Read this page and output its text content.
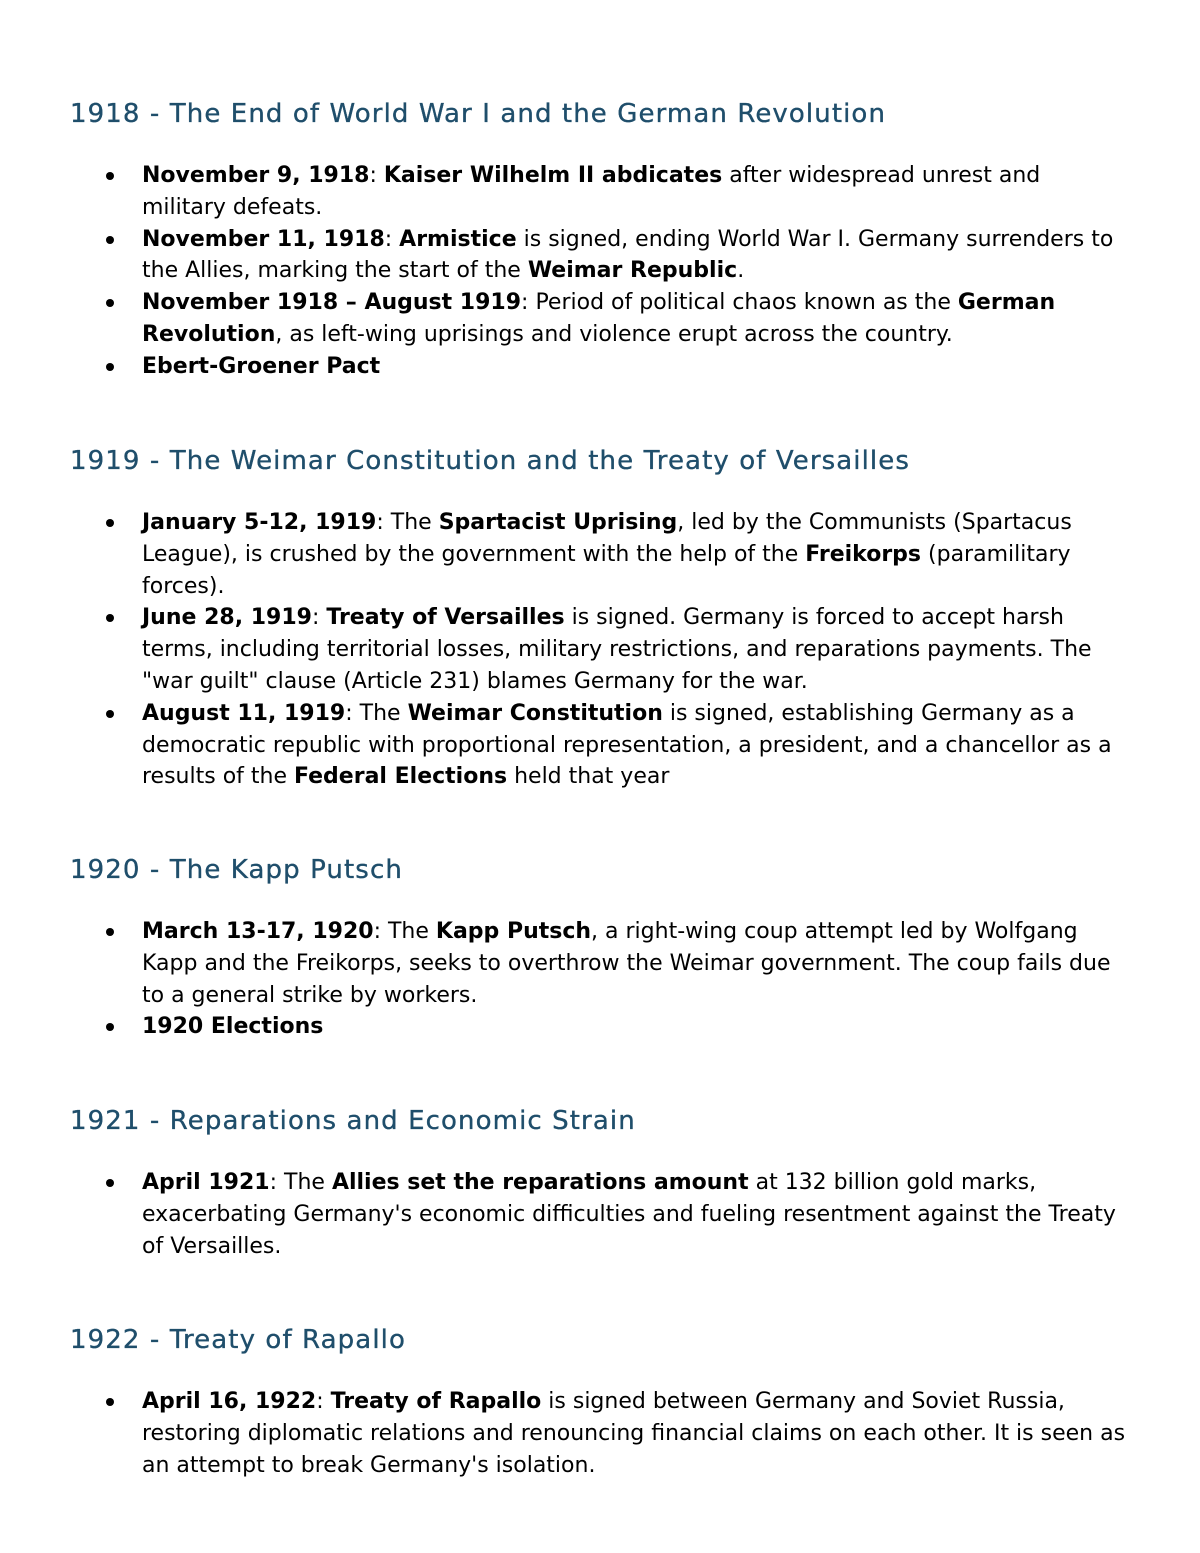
1918 - The End of World War I and the German Revolution
November 9, 1918: Kaiser Wilhelm II abdicates after widespread unrest and military defeats.
November 11, 1918: Armistice is signed, ending World War I. Germany surrenders to the Allies, marking the start of the Weimar Republic.
November 1918 – August 1919: Period of political chaos known as the German Revolution, as left-wing uprisings and violence erupt across the country.
Ebert-Groener Pact
1919 - The Weimar Constitution and the Treaty of Versailles
January 5-12, 1919: The Spartacist Uprising, led by the Communists (Spartacus League), is crushed by the government with the help of the Freikorps (paramilitary forces).
June 28, 1919: Treaty of Versailles is signed. Germany is forced to accept harsh terms, including territorial losses, military restrictions, and reparations payments. The "war guilt" clause (Article 231) blames Germany for the war.
August 11, 1919: The Weimar Constitution is signed, establishing Germany as a democratic republic with proportional representation, a president, and a chancellor as a results of the Federal Elections held that year
1920 - The Kapp Putsch
March 13-17, 1920: The Kapp Putsch, a right-wing coup attempt led by Wolfgang Kapp and the Freikorps, seeks to overthrow the Weimar government. The coup fails due to a general strike by workers.
1920 Elections
1921 - Reparations and Economic Strain
April 1921: The Allies set the reparations amount at 132 billion gold marks, exacerbating Germany's economic difficulties and fueling resentment against the Treaty of Versailles.
1922 - Treaty of Rapallo
April 16, 1922: Treaty of Rapallo is signed between Germany and Soviet Russia, restoring diplomatic relations and renouncing financial claims on each other. It is seen as an attempt to break Germany's isolation.
